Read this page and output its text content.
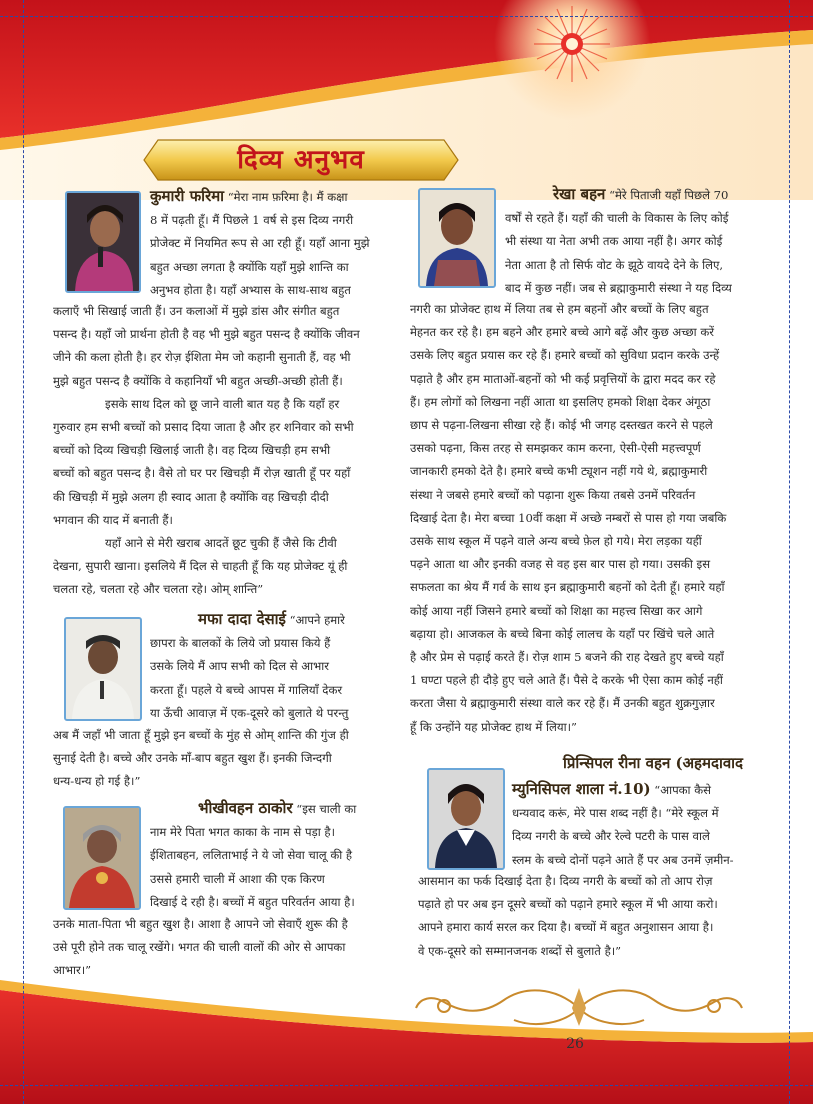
दिव्य अनुभव

कुमारी फरिमा “मेरा नाम फ़रिमा है। मैं कक्षा

8 में पढ़ती हूँ। मैं पिछले 1 वर्ष से इस दिव्य नगरी

प्रोजेक्ट में नियमित रूप से आ रही हूँ। यहाँ आना मुझे

बहुत अच्छा लगता है क्योंकि यहाँ मुझे शान्ति का

अनुभव होता है। यहाँ अभ्यास के साथ-साथ बहुत

कलाएँ भी सिखाई जाती हैं। उन कलाओं में मुझे डांस और संगीत बहुत

पसन्द है। यहाँ जो प्रार्थना होती है वह भी मुझे बहुत पसन्द है क्योंकि जीवन

जीने की कला होती है। हर रोज़ ईशिता मेम जो कहानी सुनाती हैं, वह भी

मुझे बहुत पसन्द है क्योंकि वे कहानियाँ भी बहुत अच्छी-अच्छी होती हैं।

इसके साथ दिल को छू जाने वाली बात यह है कि यहाँ हर

गुरुवार हम सभी बच्चों को प्रसाद दिया जाता है और हर शनिवार को सभी

बच्चों को दिव्य खिचड़ी खिलाई जाती है। वह दिव्य खिचड़ी हम सभी

बच्चों को बहुत पसन्द है। वैसे तो घर पर खिचड़ी मैं रोज़ खाती हूँ पर यहाँ

की खिचड़ी में मुझे अलग ही स्वाद आता है क्योंकि वह खिचड़ी दीदी

भगवान की याद में बनाती हैं।

यहाँ आने से मेरी खराब आदतें छूट चुकी हैं जैसे कि टीवी

देखना, सुपारी खाना। इसलिये मैं दिल से चाहती हूँ कि यह प्रोजेक्ट यूं ही

चलता रहे, चलता रहे और चलता रहे। ओम् शान्ति”

मफा दादा देसाई “आपने हमारे

छापरा के बालकों के लिये जो प्रयास किये हैं

उसके लिये मैं आप सभी को दिल से आभार

करता हूँ। पहले ये बच्चे आपस में गालियाँ देकर

या ऊँची आवाज़ में एक-दूसरे को बुलाते थे परन्तु

अब मैं जहाँ भी जाता हूँ मुझे इन बच्चों के मुंह से ओम् शान्ति की गुंज ही

सुनाई देती है। बच्चे और उनके माँ-बाप बहुत खुश हैं। इनकी जिन्दगी

धन्य-धन्य हो गई है।”

भीखीवहन ठाकोर “इस चाली का

नाम मेरे पिता भगत काका के नाम से पड़ा है।

ईशिताबहन, ललिताभाई ने ये जो सेवा चालू की है

उससे हमारी चाली में आशा की एक किरण

दिखाई दे रही है। बच्चों में बहुत परिवर्तन आया है।

उनके माता-पिता भी बहुत खुश है। आशा है आपने जो सेवाएँ शुरू की है

उसे पूरी होने तक चालू रखेंगे। भगत की चाली वालों की ओर से आपका

आभार।”

रेखा बहन “मेरे पिताजी यहाँ पिछले 70

वर्षों से रहते हैं। यहाँ की चाली के विकास के लिए कोई

भी संस्था या नेता अभी तक आया नहीं है। अगर कोई

नेता आता है तो सिर्फ वोट के झूठे वायदे देने के लिए,

बाद में कुछ नहीं। जब से ब्रह्माकुमारी संस्था ने यह दिव्य

नगरी का प्रोजेक्ट हाथ में लिया तब से हम बहनों और बच्चों के लिए बहुत

मेहनत कर रहे है। हम बहने और हमारे बच्चे आगे बढ़ें और कुछ अच्छा करें

उसके लिए बहुत प्रयास कर रहे हैं। हमारे बच्चों को सुविधा प्रदान करके उन्हें

पढ़ाते है और हम माताओं-बहनों को भी कई प्रवृत्तियों के द्वारा मदद कर रहे

हैं। हम लोगों को लिखना नहीं आता था इसलिए हमको शिक्षा देकर अंगूठा

छाप से पढ़ना-लिखना सीखा रहे हैं। कोई भी जगह दस्तखत करने से पहले

उसको पढ़ना, किस तरह से समझकर काम करना, ऐसी-ऐसी महत्त्वपूर्ण

जानकारी हमको देते है। हमारे बच्चे कभी ट्यूशन नहीं गये थे, ब्रह्माकुमारी

संस्था ने जबसे हमारे बच्चों को पढ़ाना शुरू किया तबसे उनमें परिवर्तन

दिखाई देता है। मेरा बच्चा 10वीं कक्षा में अच्छे नम्बरों से पास हो गया जबकि

उसके साथ स्कूल में पढ़ने वाले अन्य बच्चे फ़ेल हो गये। मेरा लड़का यहीं

पढ़ने आता था और इनकी वजह से वह इस बार पास हो गया। उसकी इस

सफलता का श्रेय मैं गर्व के साथ इन ब्रह्माकुमारी बहनों को देती हूँ। हमारे यहाँ

कोई आया नहीं जिसने हमारे बच्चों को शिक्षा का महत्त्व सिखा कर आगे

बढ़ाया हो। आजकल के बच्चे बिना कोई लालच के यहाँ पर खिंचे चले आते

है और प्रेम से पढ़ाई करते हैं। रोज़ शाम 5 बजने की राह देखते हुए बच्चे यहाँ

1 घण्टा पहले ही दौड़े हुए चले आते हैं। पैसे दे करके भी ऐसा काम कोई नहीं

करता जैसा ये ब्रह्माकुमारी संस्था वाले कर रहे हैं। मैं उनकी बहुत शुक्रगुज़ार

हूँ कि उन्होंने यह प्रोजेक्ट हाथ में लिया।”

प्रिन्सिपल रीना वहन (अहमदावाद

म्युनिसिपल शाला नं.10) “आपका कैसे

धन्यवाद करूं, मेरे पास शब्द नहीं है। “मेरे स्कूल में

दिव्य नगरी के बच्चे और रेल्वे पटरी के पास वाले

स्लम के बच्चे दोनों पढ़ने आते हैं पर अब उनमें ज़मीन-

आसमान का फर्क दिखाई देता है। दिव्य नगरी के बच्चों को तो आप रोज़

पढ़ाते हो पर अब इन दूसरे बच्चों को पढ़ाने हमारे स्कूल में भी आया करो।

आपने हमारा कार्य सरल कर दिया है। बच्चों में बहुत अनुशासन आया है।

वे एक-दूसरे को सम्मानजनक शब्दों से बुलाते है।”

26
